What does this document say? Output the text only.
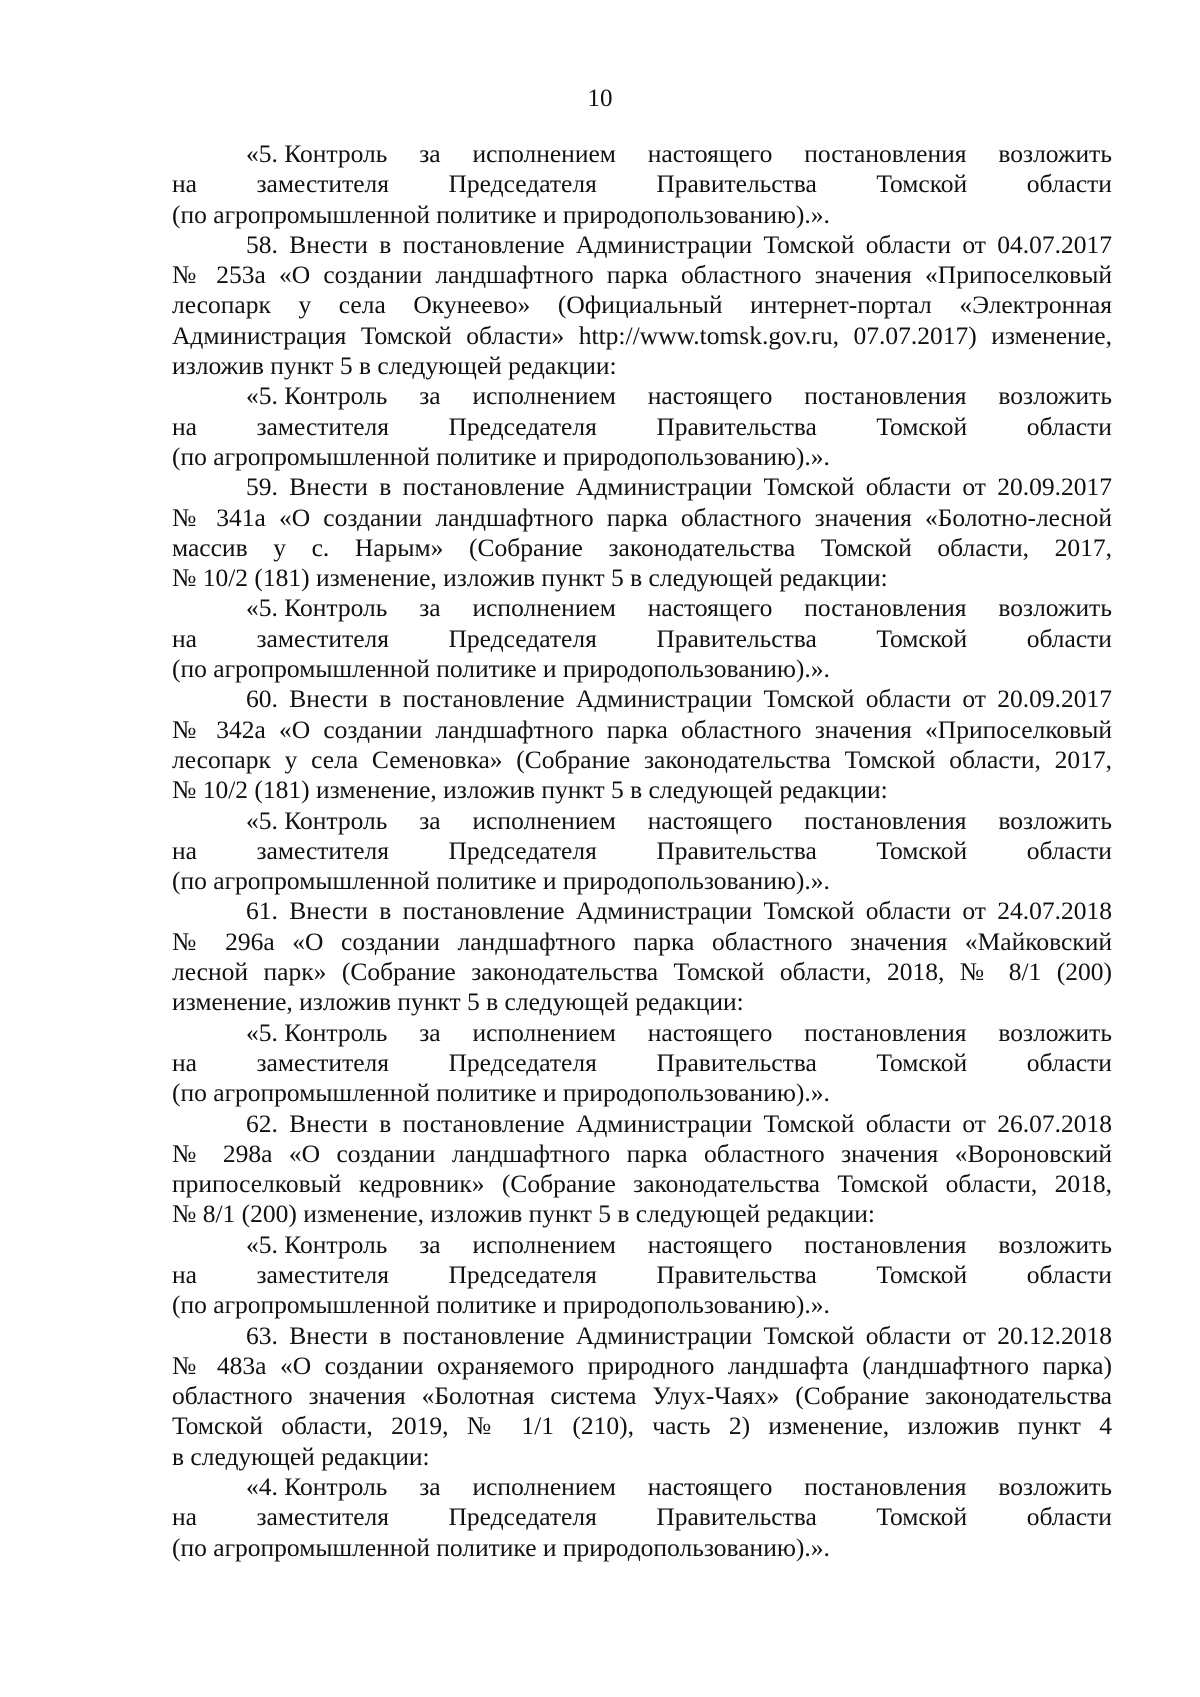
10
«5. Контроль за исполнением настоящего постановления возложить
на заместителя Председателя Правительства Томской области
(по агропромышленной политике и природопользованию).».
58. Внести в постановление Администрации Томской области от 04.07.2017
№ 253а «О создании ландшафтного парка областного значения «Припоселковый
лесопарк у села Окунеево» (Официальный интернет-портал «Электронная
Администрация Томской области» http://www.tomsk.gov.ru, 07.07.2017) изменение,
изложив пункт 5 в следующей редакции:
«5. Контроль за исполнением настоящего постановления возложить
на заместителя Председателя Правительства Томской области
(по агропромышленной политике и природопользованию).».
59. Внести в постановление Администрации Томской области от 20.09.2017
№ 341а «О создании ландшафтного парка областного значения «Болотно-лесной
массив у с. Нарым» (Собрание законодательства Томской области, 2017,
№ 10/2 (181) изменение, изложив пункт 5 в следующей редакции:
«5. Контроль за исполнением настоящего постановления возложить
на заместителя Председателя Правительства Томской области
(по агропромышленной политике и природопользованию).».
60. Внести в постановление Администрации Томской области от 20.09.2017
№ 342а «О создании ландшафтного парка областного значения «Припоселковый
лесопарк у села Семеновка» (Собрание законодательства Томской области, 2017,
№ 10/2 (181) изменение, изложив пункт 5 в следующей редакции:
«5. Контроль за исполнением настоящего постановления возложить
на заместителя Председателя Правительства Томской области
(по агропромышленной политике и природопользованию).».
61. Внести в постановление Администрации Томской области от 24.07.2018
№ 296а «О создании ландшафтного парка областного значения «Майковский
лесной парк» (Собрание законодательства Томской области, 2018, № 8/1 (200)
изменение, изложив пункт 5 в следующей редакции:
«5. Контроль за исполнением настоящего постановления возложить
на заместителя Председателя Правительства Томской области
(по агропромышленной политике и природопользованию).».
62. Внести в постановление Администрации Томской области от 26.07.2018
№ 298а «О создании ландшафтного парка областного значения «Вороновский
припоселковый кедровник» (Собрание законодательства Томской области, 2018,
№ 8/1 (200) изменение, изложив пункт 5 в следующей редакции:
«5. Контроль за исполнением настоящего постановления возложить
на заместителя Председателя Правительства Томской области
(по агропромышленной политике и природопользованию).».
63. Внести в постановление Администрации Томской области от 20.12.2018
№ 483а «О создании охраняемого природного ландшафта (ландшафтного парка)
областного значения «Болотная система Улух-Чаях» (Собрание законодательства
Томской области, 2019, № 1/1 (210), часть 2) изменение, изложив пункт 4
в следующей редакции:
«4. Контроль за исполнением настоящего постановления возложить
на заместителя Председателя Правительства Томской области
(по агропромышленной политике и природопользованию).».
